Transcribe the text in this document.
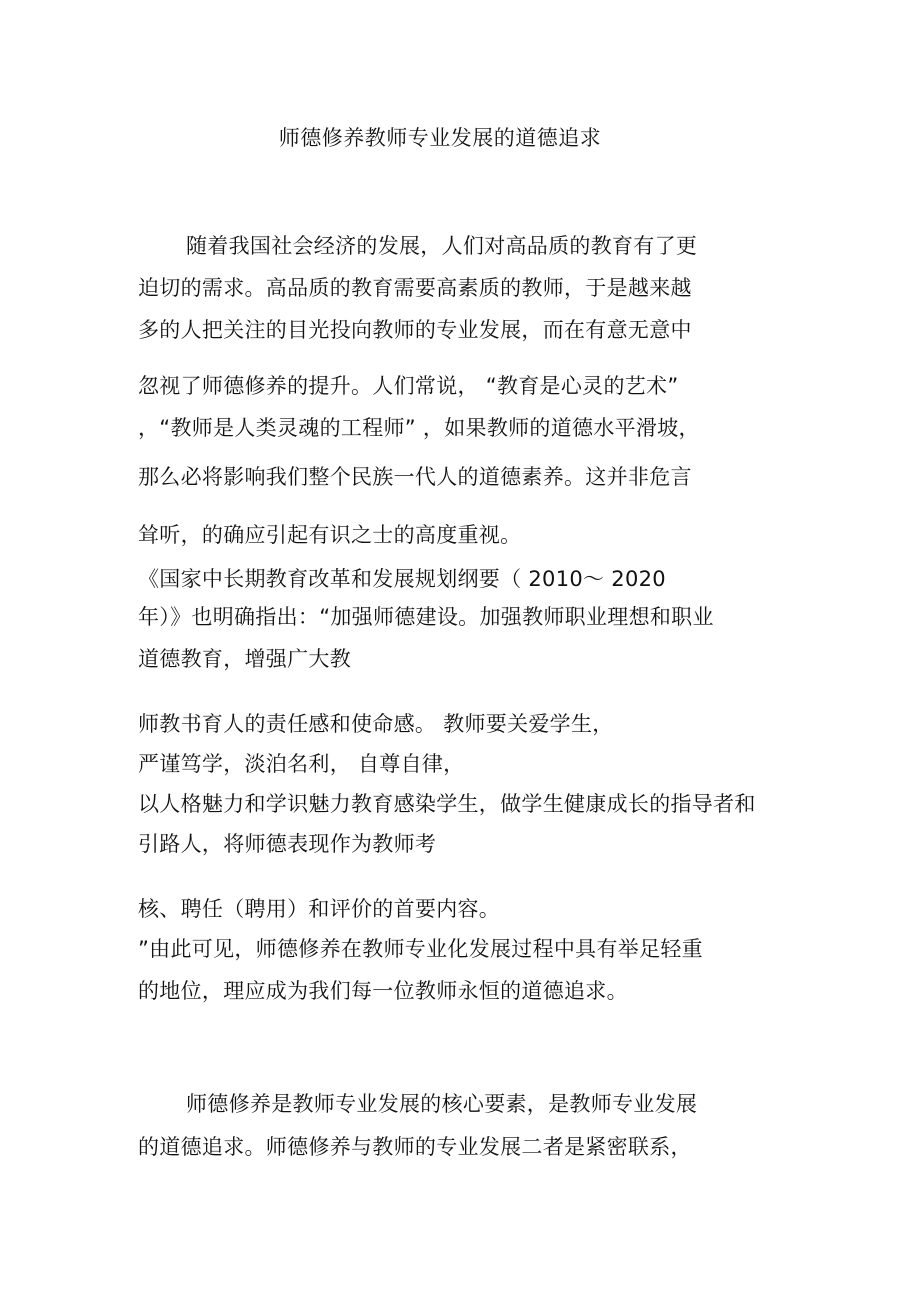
师德修养教师专业发展的道德追求
随着我国社会经济的发展，人们对高品质的教育有了更
迫切的需求。高品质的教育需要高素质的教师，于是越来越
多的人把关注的目光投向教师的专业发展，而在有意无意中
忽视了师德修养的提升。人们常说， “教育是心灵的艺术”
，“教师是人类灵魂的工程师” ，如果教师的道德水平滑坡，
那么必将影响我们整个民族一代人的道德素养。这并非危言
耸听，的确应引起有识之士的高度重视。
《国家中长期教育改革和发展规划纲要（ 2010～ 2020
年）》也明确指出：“加强师德建设。加强教师职业理想和职业
道德教育，增强广大教
师教书育人的责任感和使命感。 教师要关爱学生，
严谨笃学，淡泊名利， 自尊自律，
以人格魅力和学识魅力教育感染学生，做学生健康成长的指导者和
引路人，将师德表现作为教师考
核、聘任（聘用）和评价的首要内容。
”由此可见，师德修养在教师专业化发展过程中具有举足轻重
的地位，理应成为我们每一位教师永恒的道德追求。
师德修养是教师专业发展的核心要素，是教师专业发展
的道德追求。师德修养与教师的专业发展二者是紧密联系，
